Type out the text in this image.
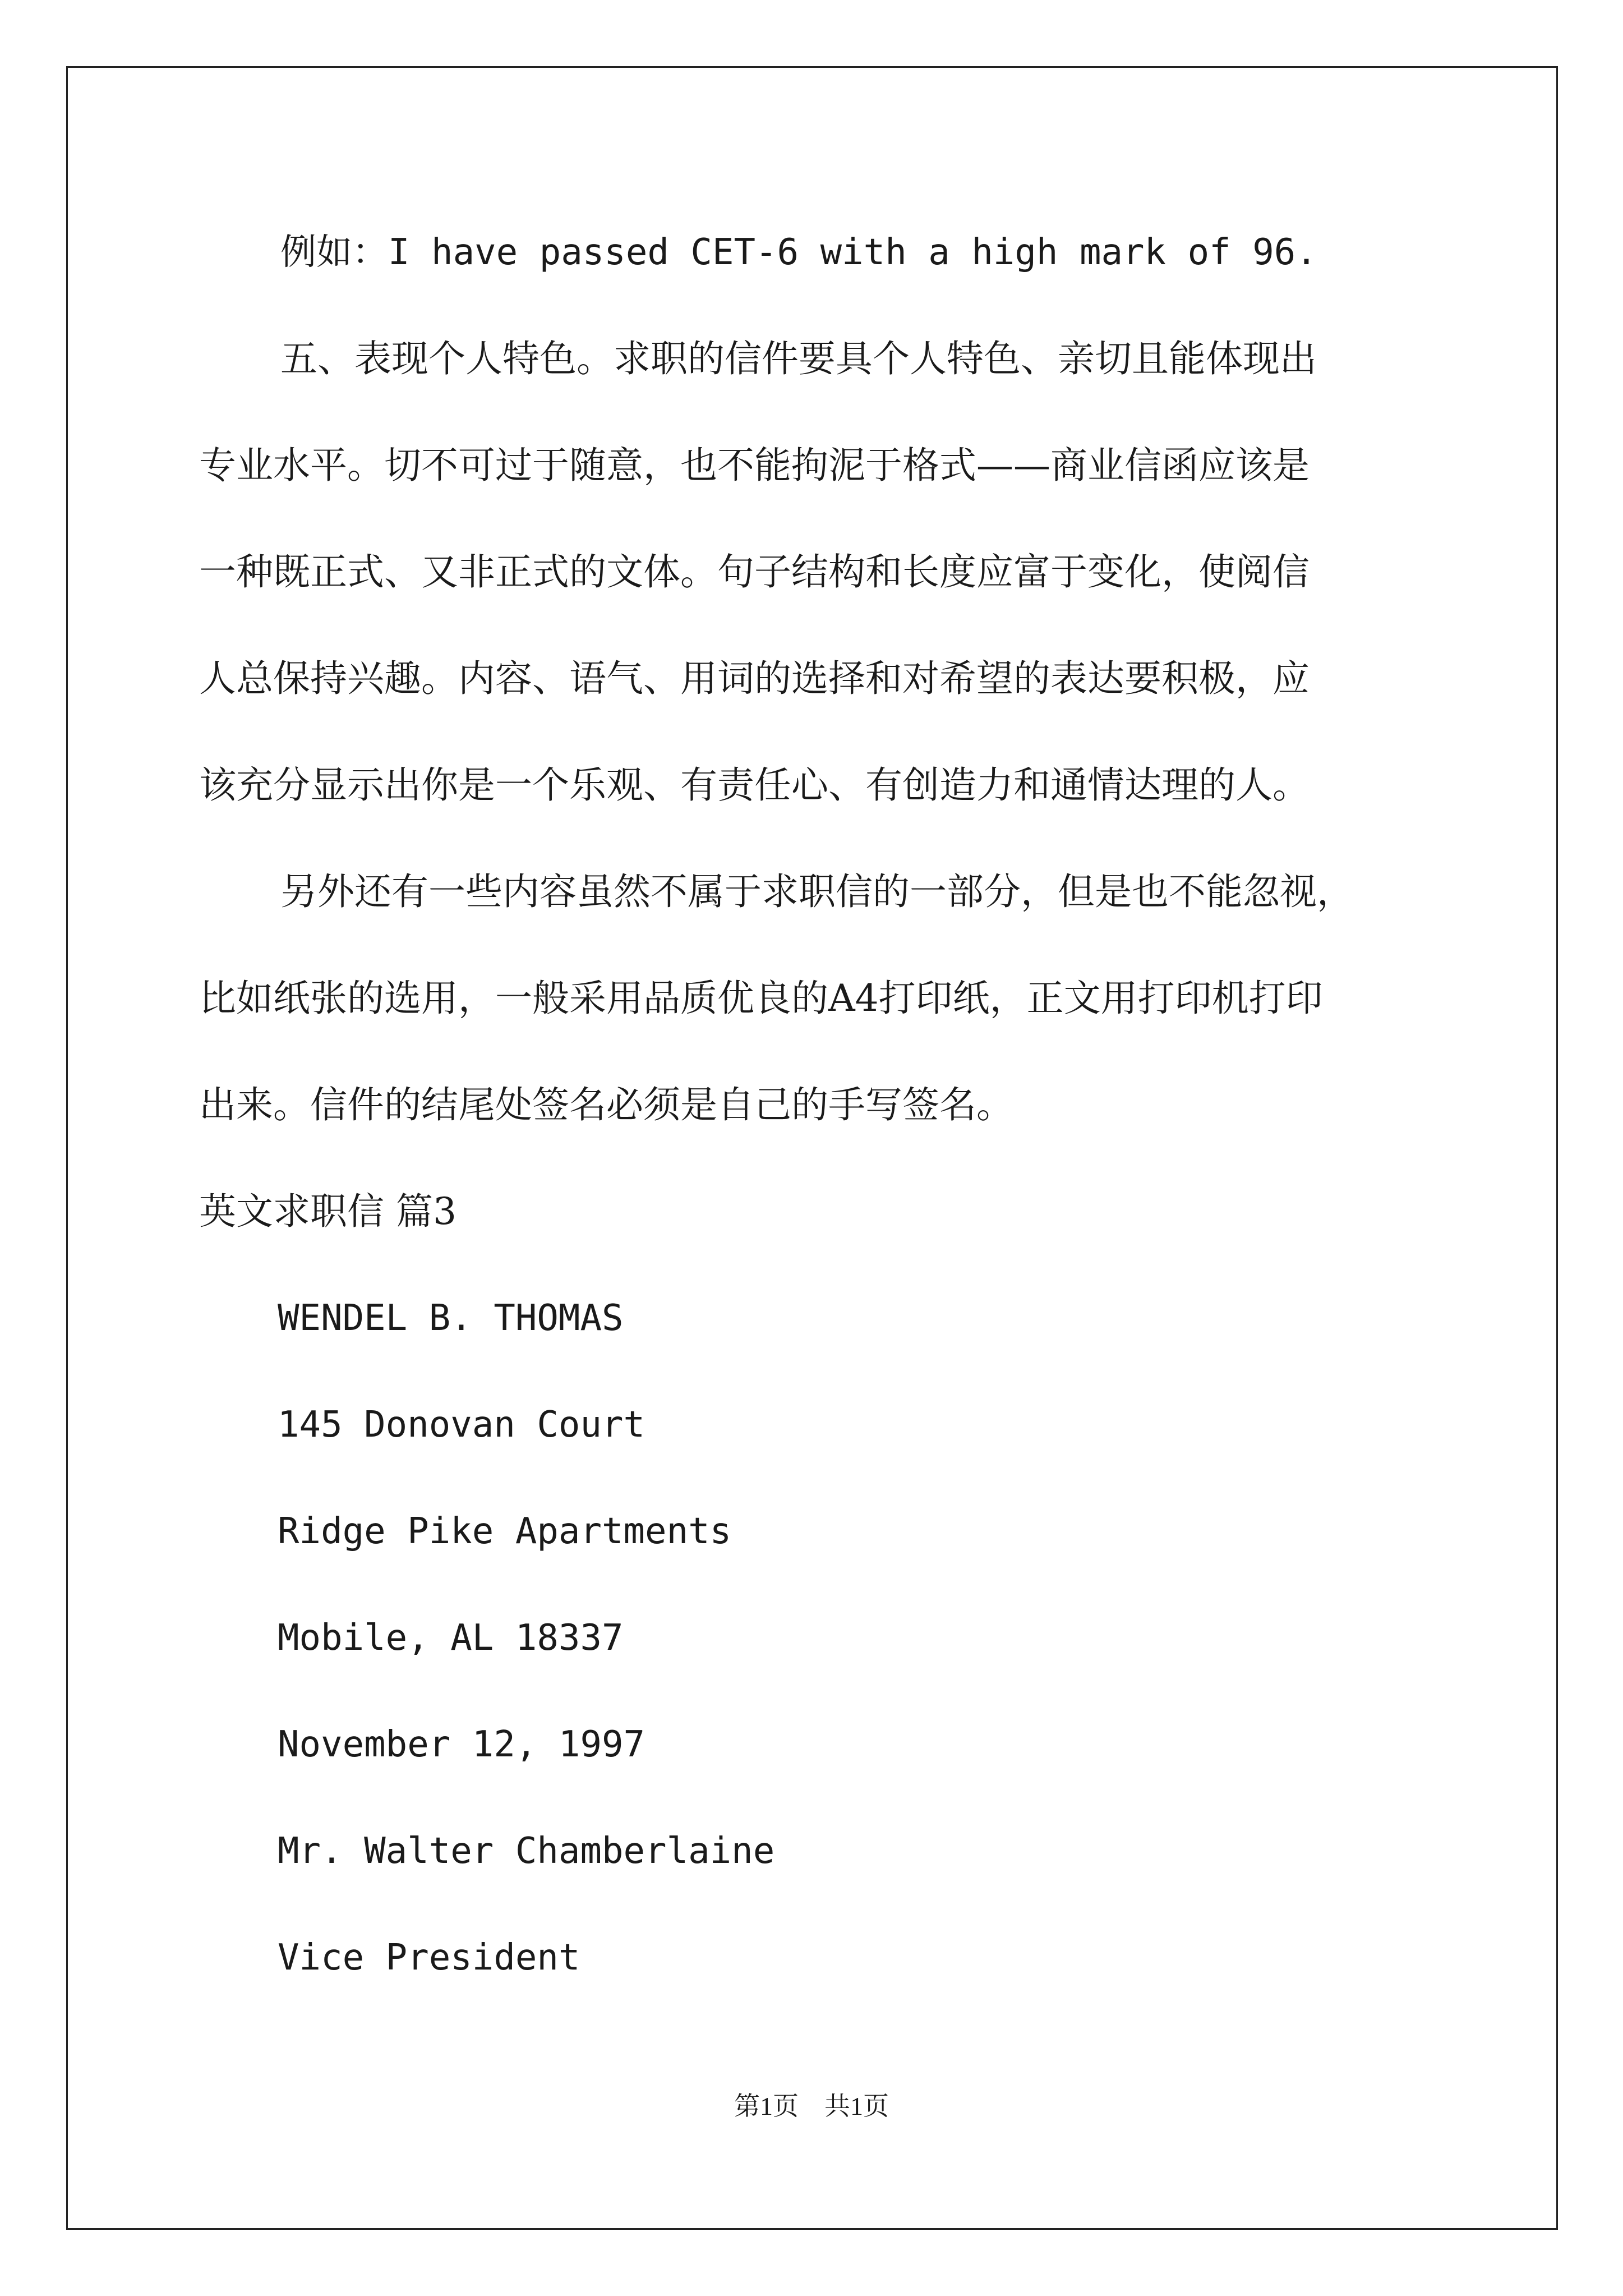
例如：I have passed CET-6 with a high mark of 96.
五、表现个人特色。求职的信件要具个人特色、亲切且能体现出
专业水平。切不可过于随意，也不能拘泥于格式——商业信函应该是
一种既正式、又非正式的文体。句子结构和长度应富于变化，使阅信
人总保持兴趣。内容、语气、用词的选择和对希望的表达要积极，应
该充分显示出你是一个乐观、有责任心、有创造力和通情达理的人。
另外还有一些内容虽然不属于求职信的一部分，但是也不能忽视，
比如纸张的选用，一般采用品质优良的A4打印纸，正文用打印机打印
出来。信件的结尾处签名必须是自己的手写签名。
英文求职信 篇3
WENDEL B. THOMAS
145 Donovan Court
Ridge Pike Apartments
Mobile, AL 18337
November 12, 1997
Mr. Walter Chamberlaine
Vice President
第1页　共1页
